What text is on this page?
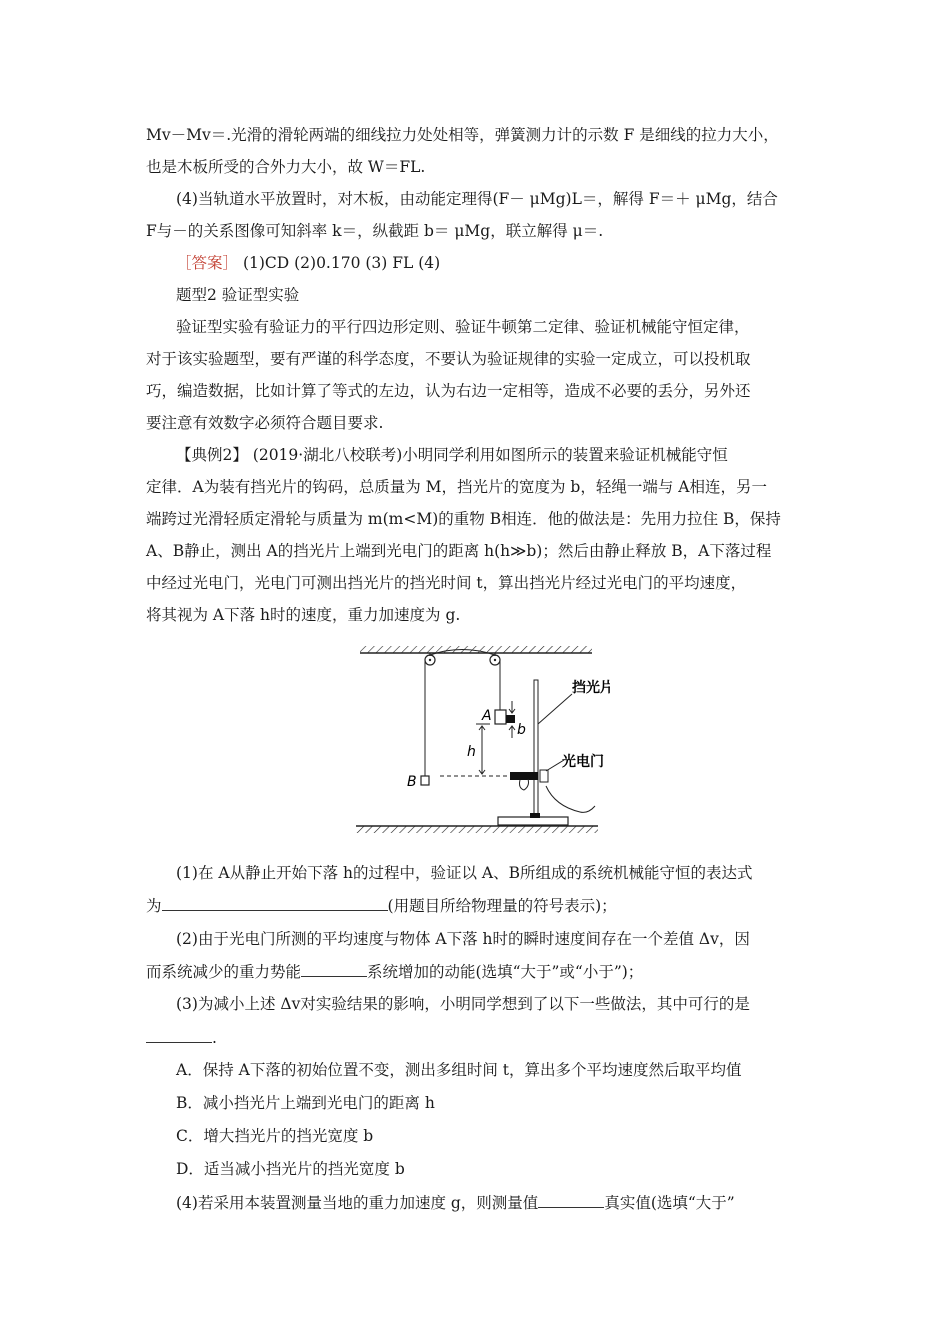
Mv－Mv＝.光滑的滑轮两端的细线拉力处处相等，弹簧测力计的示数 F 是细线的拉力大小，
也是木板所受的合外力大小，故 W＝FL.
(4)当轨道水平放置时，对木板，由动能定理得(F－ μMg)L＝，解得 F＝＋ μMg，结合
F与－的关系图像可知斜率 k＝，纵截距 b＝ μMg，联立解得 μ＝.
［答案］ (1)CD (2)0.170 (3) FL (4)
题型2 验证型实验
验证型实验有验证力的平行四边形定则、验证牛顿第二定律、验证机械能守恒定律，
对于该实验题型，要有严谨的科学态度，不要认为验证规律的实验一定成立，可以投机取
巧，编造数据，比如计算了等式的左边，认为右边一定相等，造成不必要的丢分，另外还
要注意有效数字必须符合题目要求.
【典例2】 (2019·湖北八校联考)小明同学利用如图所示的装置来验证机械能守恒
定律．A为装有挡光片的钩码，总质量为 M，挡光片的宽度为 b，轻绳一端与 A相连，另一
端跨过光滑轻质定滑轮与质量为 m(m<M)的重物 B相连．他的做法是：先用力拉住 B，保持
A、B静止，测出 A的挡光片上端到光电门的距离 h(h≫b)；然后由静止释放 B，A下落过程
中经过光电门，光电门可测出挡光片的挡光时间 t，算出挡光片经过光电门的平均速度，
将其视为 A下落 h时的速度，重力加速度为 g.
B
A
b
h
挡光片
光电门
(1)在 A从静止开始下落 h的过程中，验证以 A、B所组成的系统机械能守恒的表达式
为	(用题目所给物理量的符号表示)；
(2)由于光电门所测的平均速度与物体 A下落 h时的瞬时速度间存在一个差值 Δv，因
而系统减少的重力势能	系统增加的动能(选填“大于”或“小于”)；
(3)为减小上述 Δv对实验结果的影响，小明同学想到了以下一些做法，其中可行的是
.
A．保持 A下落的初始位置不变，测出多组时间 t，算出多个平均速度然后取平均值
B．减小挡光片上端到光电门的距离 h
C．增大挡光片的挡光宽度 b
D．适当减小挡光片的挡光宽度 b
(4)若采用本装置测量当地的重力加速度 g，则测量值	真实值(选填“大于”
